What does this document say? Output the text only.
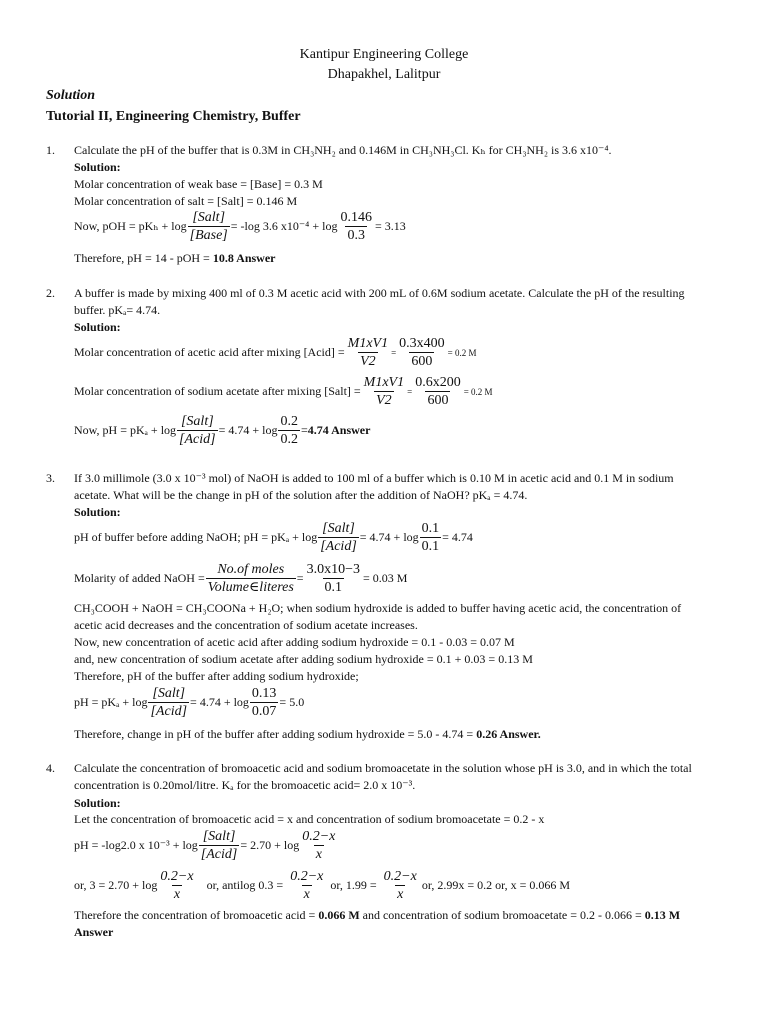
Kantipur Engineering College
Dhapakhel, Lalitpur
Solution
Tutorial II, Engineering Chemistry, Buffer
1. Calculate the pH of the buffer that is 0.3M in CH₃NH₂ and 0.146M in CH₃NH₃Cl. Kₕ for CH₃NH₂ is 3.6 x10⁻⁴.
Solution:
Molar concentration of weak base = [Base] = 0.3 M
Molar concentration of salt = [Salt] = 0.146 M
Now, pOH = $pK_h + \log \frac{\text{[Salt]}}{\text{[Base]}} = -\log$ 3.6 $x10^{-4} + \log \frac{0.146}{0.3} = 3.13$
Therefore, pH = 14 - pOH = 10.8 Answer
2. A buffer is made by mixing 400 ml of 0.3 M acetic acid with 200 mL of 0.6M sodium acetate. Calculate the pH of the resulting
buffer. pKₐ= 4.74.
Solution:
Molar concentration of acetic acid after mixing [Acid] = $\frac{M1xV1}{V2} = \frac{0.3x400}{600} = 0.2$ M
Molar concentration of sodium acetate after mixing [Salt] = $\frac{M1xV1}{V2} = \frac{0.6x200}{600} = 0.2$ M
Now, pH = $pK_a + \log \frac{\text{[Salt]}}{\text{[Acid]}} = 4.74 + \log \frac{0.2}{0.2} = 4.74$ Answer
3. If 3.0 millimole (3.0 x 10⁻³ mol) of NaOH is added to 100 ml of a buffer which is 0.10 M in acetic acid and 0.1 M in sodium
acetate. What will be the change in pH of the solution after the addition of NaOH? pKₐ = 4.74.
Solution:
pH of buffer before adding NaOH; pH = $pK_a + \log \frac{\text{[Salt]}}{\text{[Acid]}} = 4.74 + \log \frac{0.1}{0.1} = 4.74$
Molarity of added NaOH = $\frac{\text{No.of moles}}{\text{Volume∈literes}} = \frac{3.0x10-3}{0.1} = 0.03$ M
CH₃COOH + NaOH = CH₃COONa + H₂O; when sodium hydroxide is added to buffer having acetic acid, the concentration of
acetic acid decreases and the concentration of sodium acetate increases.
Now, new concentration of acetic acid after adding sodium hydroxide = 0.1 - 0.03 = 0.07 M
and, new concentration of sodium acetate after adding sodium hydroxide = 0.1 + 0.03 = 0.13 M
Therefore, pH of the buffer after adding sodium hydroxide;
pH = $pK_a + \log \frac{\text{[Salt]}}{\text{[Acid]}} = 4.74 + \log \frac{0.13}{0.07} = 5.0$
Therefore, change in pH of the buffer after adding sodium hydroxide = 5.0 - 4.74 = 0.26 Answer.
4. Calculate the concentration of bromoacetic acid and sodium bromoacetate in the solution whose pH is 3.0, and in which the total
concentration is 0.20mol/litre. Kₐ for the bromoacetic acid= 2.0 x 10⁻³.
Solution:
Let the concentration of bromoacetic acid = x and concentration of sodium bromoacetate = 0.2 - x
pH = -log2.0 x $10^{-3} + \log \frac{\text{[Salt]}}{\text{[Acid]}} = 2.70 + \log \frac{0.2-x}{x}$
or, $3 = 2.70 + \log \frac{0.2-x}{x}$ or, antilog $0.3 = \frac{0.2-x}{x}$ or, $1.99 = \frac{0.2-x}{x}$ or, 2.99x = 0.2 or, x = 0.066 M
Therefore the concentration of bromoacetic acid = 0.066 M and concentration of sodium bromoacetate = 0.2 - 0.066 = 0.13 M
Answer
